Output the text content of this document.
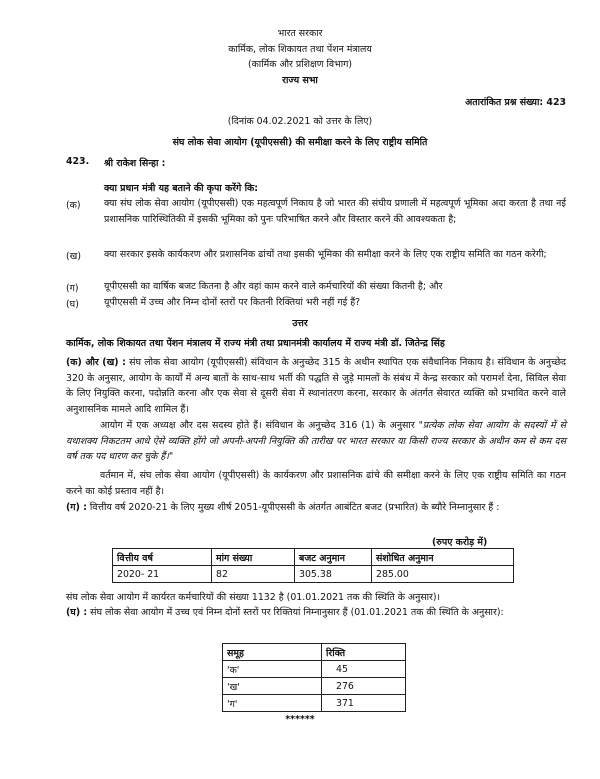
भारत सरकार
कार्मिक, लोक शिकायत तथा पेंशन मंत्रालय
(कार्मिक और प्रशिक्षण विभाग)
राज्य सभा
अतारांकित प्रश्न संख्या: 423
(दिनांक 04.02.2021 को उत्तर के लिए)
संघ लोक सेवा आयोग (यूपीएससी) की समीक्षा करने के लिए राष्ट्रीय समिति
423. श्री राकेश सिन्हा :
क्या प्रधान मंत्री यह बताने की कृपा करेंगे कि:
(क) क्या संघ लोक सेवा आयोग (यूपीएससी) एक महत्वपूर्ण निकाय है जो भारत की संघीय प्रणाली में महत्वपूर्ण भूमिका अदा करता है तथा नई प्रशासनिक पारिस्थितिकी में इसकी भूमिका को पुनः परिभाषित करने और विस्तार करने की आवश्यकता है;
(ख) क्या सरकार इसके कार्यकरण और प्रशासनिक ढांचों तथा इसकी भूमिका की समीक्षा करने के लिए एक राष्ट्रीय समिति का गठन करेगी;
(ग)	यूपीएससी का वार्षिक बजट कितना है और वहां काम करने वाले कर्मचारियों की संख्या कितनी है; और
(घ)	यूपीएससी में उच्च और निम्न दोनों स्तरों पर कितनी रिक्तियां भरी नहीं गई हैं?
उत्तर
कार्मिक, लोक शिकायत तथा पेंशन मंत्रालय में राज्य मंत्री तथा प्रधानमंत्री कार्यालय में राज्य मंत्री डॉ. जितेन्द्र सिंह
(क) और (ख) : संघ लोक सेवा आयोग (यूपीएससी) संविधान के अनुच्छेद 315 के अधीन स्थापित एक संवैधानिक निकाय है। संविधान के अनुच्छेद 320 के अनुसार, आयोग के कार्यों में अन्य बातों के साथ-साथ भर्ती की पद्धति से जुड़े मामलों के संबंध में केन्द्र सरकार को परामर्श देना, सिविल सेवा के लिए नियुक्ति करना, पदोन्नति करना और एक सेवा से दूसरी सेवा में स्थानांतरण करना, सरकार के अंतर्गत सेवारत व्यक्ति को प्रभावित करने वाले अनुशासनिक मामले आदि शामिल हैं।
आयोग में एक अध्यक्ष और दस सदस्य होते हैं। संविधान के अनुच्छेद 316 (1) के अनुसार "प्रत्येक लोक सेवा आयोग के सदस्यों में से यथाशक्य निकटतम आधे ऐसे व्यक्ति होंगे जो अपनी-अपनी नियुक्ति की तारीख पर भारत सरकार या किसी राज्य सरकार के अधीन कम से कम दस वर्ष तक पद धारण कर चुके हैं।"
वर्तमान में, संघ लोक सेवा आयोग (यूपीएससी) के कार्यकरण और प्रशासनिक ढांचे की समीक्षा करने के लिए एक राष्ट्रीय समिति का गठन करने का कोई प्रस्ताव नहीं है।
(ग) : वित्तीय वर्ष 2020-21 के लिए मुख्य शीर्ष 2051-यूपीएससी के अंतर्गत आबंटित बजट (प्रभारित) के ब्यौरे निम्नानुसार हैं :
(रुपए करोड़ में)
वित्तीय वर्ष	मांग संख्या	बजट अनुमान	संशोधित अनुमान
2020- 21	82	305.38	285.00
संघ लोक सेवा आयोग में कार्यरत कर्मचारियों की संख्या 1132 है (01.01.2021 तक की स्थिति के अनुसार)।
(घ) : संघ लोक सेवा आयोग में उच्च एवं निम्न दोनों स्तरों पर रिक्तियां निम्नानुसार हैं (01.01.2021 तक की स्थिति के अनुसार):
समूह	रिक्ति
'क'	45
'ख'	276
'ग'	371
******
